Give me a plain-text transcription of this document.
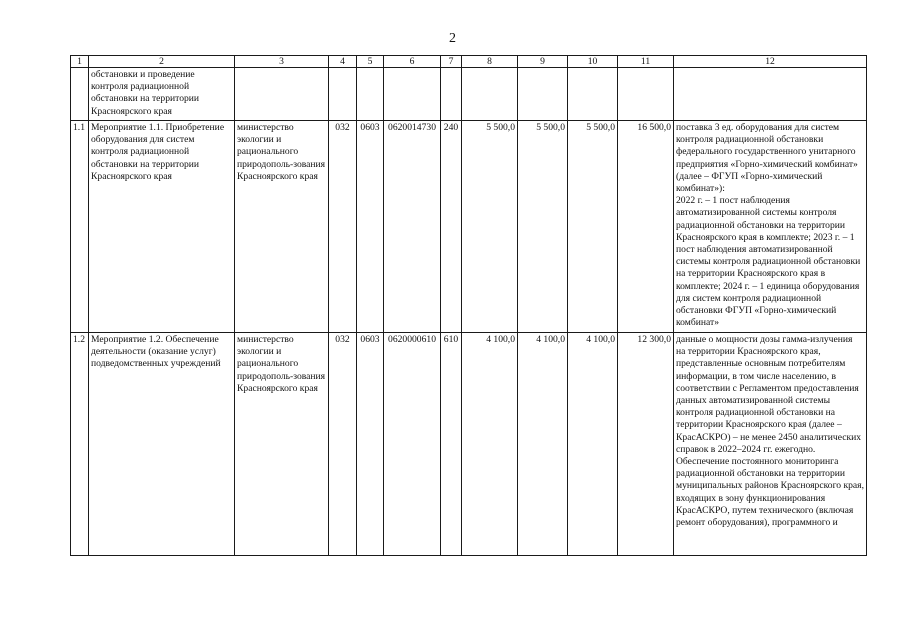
2
1	2	3	4	5	6	7	8	9	10	11	12
	обстановки и проведение контроля радиационной обстановки на территории Красноярского края										
1.1	Мероприятие 1.1. Приобретение оборудования для систем контроля радиационной обстановки на территории Красноярского края	министерство экологии и рационального природополь-зования Красноярского края	032	0603	0620014730	240	5 500,0	5 500,0	5 500,0	16 500,0	поставка 3 ед. оборудования для систем контроля радиационной обстановки федерального государственного унитарного предприятия «Горно-химический комбинат» (далее – ФГУП «Горно-химический комбинат»):
2022 г. – 1 пост наблюдения автоматизированной системы контроля радиационной обстановки на территории Красноярского края в комплекте; 2023 г. – 1 пост наблюдения автоматизированной системы контроля радиационной обстановки на территории Красноярского края в комплекте; 2024 г. – 1 единица оборудования для систем контроля радиационной обстановки ФГУП «Горно-химический комбинат»
1.2	Мероприятие 1.2. Обеспечение деятельности (оказание услуг) подведомственных учреждений	министерство экологии и рационального природополь-зования Красноярского края	032	0603	0620000610	610	4 100,0	4 100,0	4 100,0	12 300,0	данные о мощности дозы гамма-излучения на территории Красноярского края, представленные основным потребителям информации, в том числе населению, в соответствии с Регламентом предоставления данных автоматизированной системы контроля радиационной обстановки на территории Красноярского края (далее – КрасАСКРО) – не менее 2450 аналитических справок в 2022–2024 гг. ежегодно. Обеспечение постоянного мониторинга радиационной обстановки на территории муниципальных районов Красноярского края, входящих в зону функционирования КрасАСКРО, путем технического (включая ремонт оборудования), программного и
